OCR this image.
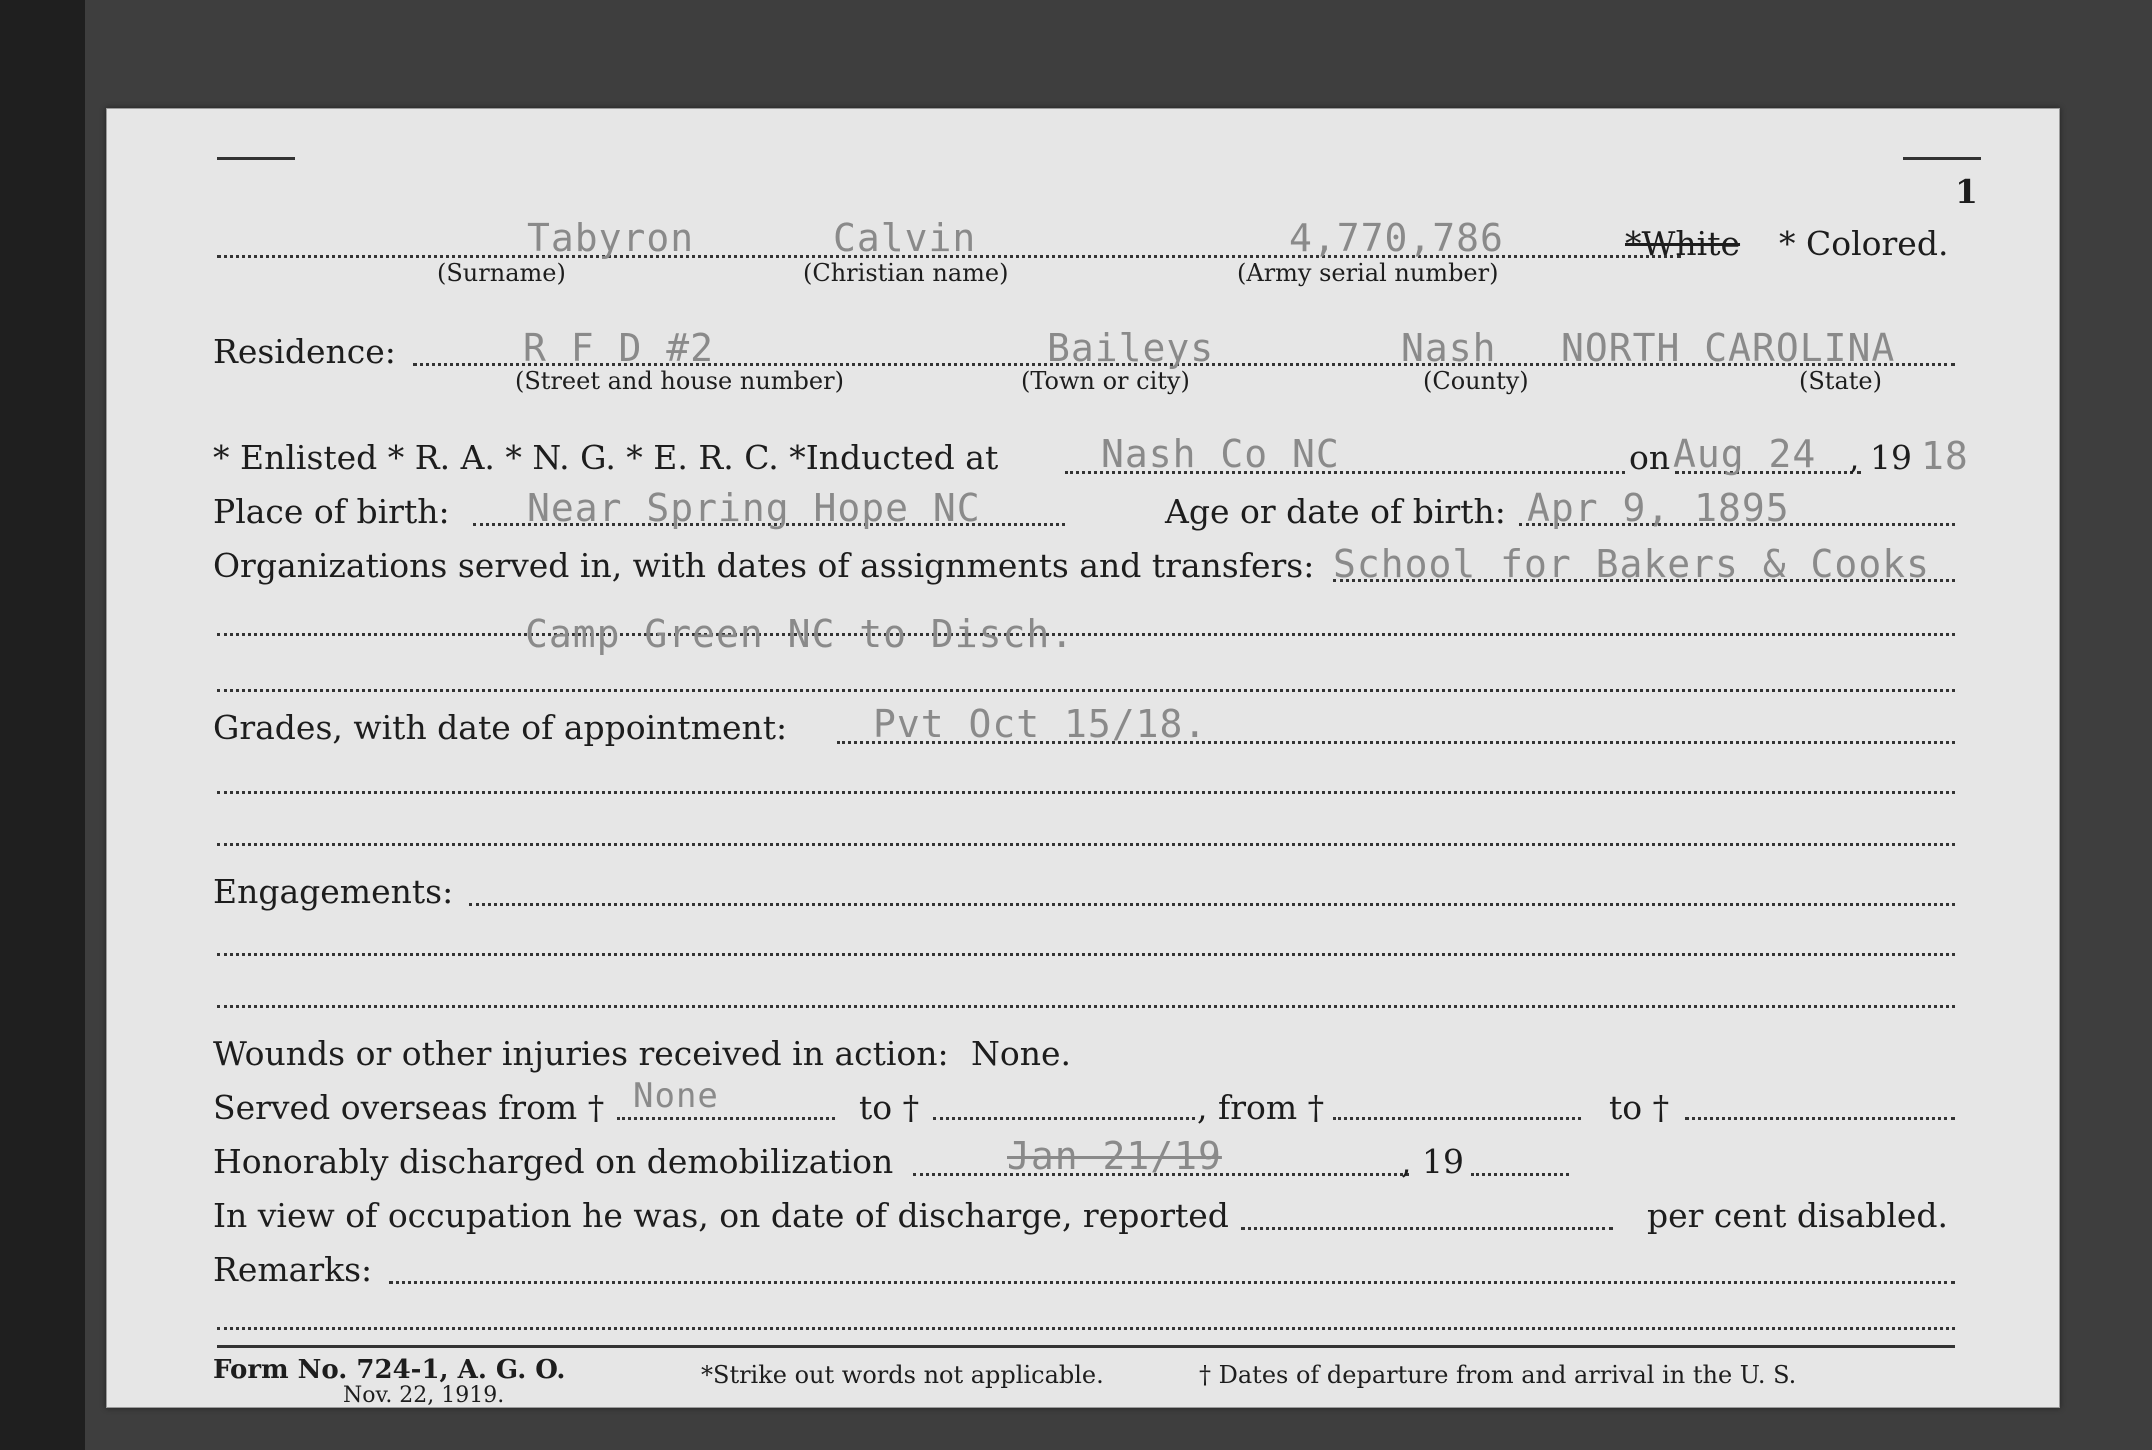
1
Tabyron	Calvin	4,770,786	*White * Colored.
(Surname)	(Christian name)	(Army serial number)
Residence:	R F D #2	Baileys	Nash NORTH CAROLINA
(Street and house number)	(Town or city)	(County)	(State)
* Enlisted * R. A. * N. G. * E. R. C. *Inducted at	Nash Co NC	on Aug 24 , 19 18
Place of birth: Near Spring Hope NC	Age or date of birth: Apr 9, 1895
Organizations served in, with dates of assignments and transfers: School for Bakers & Cooks
Camp Green NC to Disch.
Grades, with date of appointment: Pvt Oct 15/18.
Engagements:
Wounds or other injuries received in action: None.
Served overseas from † None	to †	, from †	to †
Honorably discharged on demobilization	Jan 21/19	, 19
In view of occupation he was, on date of discharge, reported	per cent disabled.
Remarks:
Form No. 724-1, A. G. O.
Nov. 22, 1919.
*Strike out words not applicable.	† Dates of departure from and arrival in the U. S.
